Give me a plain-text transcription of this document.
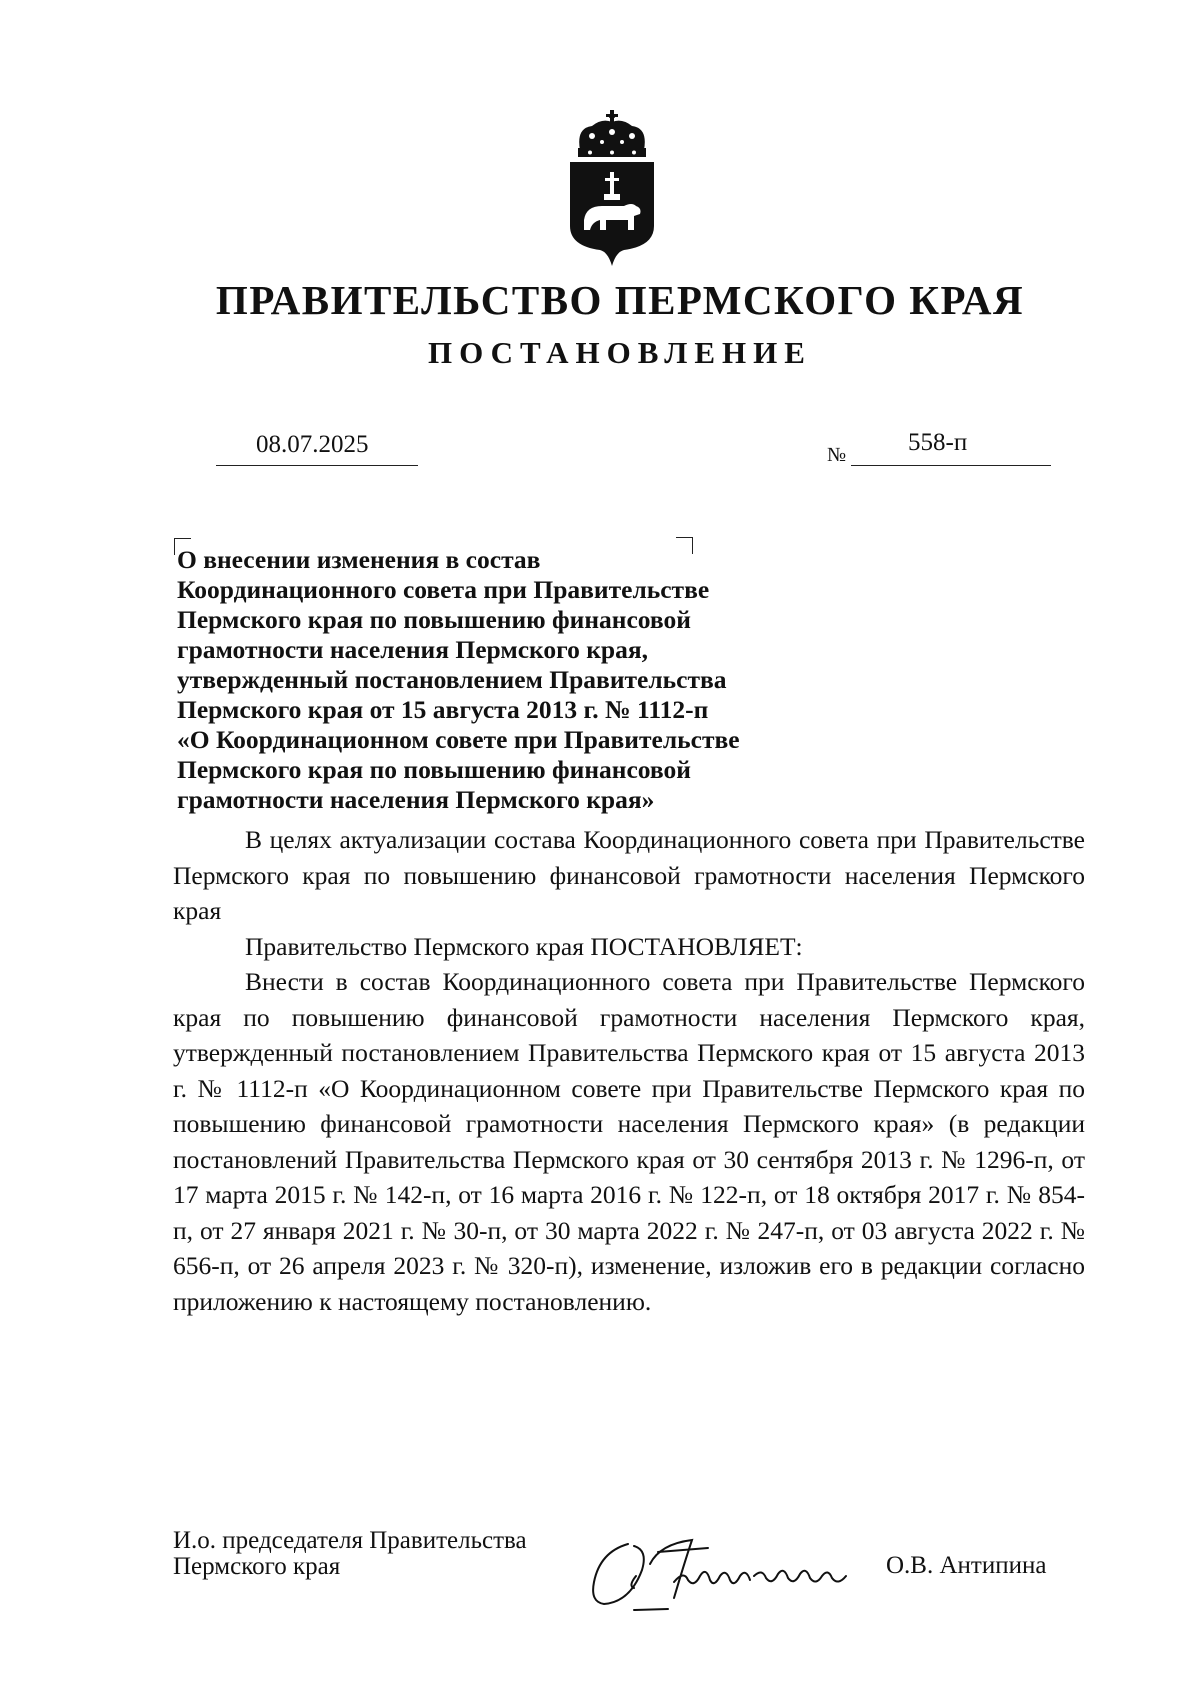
ПРАВИТЕЛЬСТВО ПЕРМСКОГО КРАЯ
ПОСТАНОВЛЕНИЕ
08.07.2025	№ 558-п
О внесении изменения в состав
Координационного совета при Правительстве
Пермского края по повышению финансовой
грамотности населения Пермского края,
утвержденный постановлением Правительства
Пермского края от 15 августа 2013 г. № 1112-п
«О Координационном совете при Правительстве
Пермского края по повышению финансовой
грамотности населения Пермского края»

В целях актуализации состава Координационного совета при Правительстве Пермского края по повышению финансовой грамотности населения Пермского края

Правительство Пермского края ПОСТАНОВЛЯЕТ:

Внести в состав Координационного совета при Правительстве Пермского края по повышению финансовой грамотности населения Пермского края, утвержденный постановлением Правительства Пермского края от 15 августа 2013 г. № 1112-п «О Координационном совете при Правительстве Пермского края по повышению финансовой грамотности населения Пермского края» (в редакции постановлений Правительства Пермского края от 30 сентября 2013 г. № 1296-п, от 17 марта 2015 г. № 142-п, от 16 марта 2016 г. № 122-п, от 18 октября 2017 г. № 854-п, от 27 января 2021 г. № 30-п, от 30 марта 2022 г. № 247-п, от 03 августа 2022 г. № 656-п, от 26 апреля 2023 г. № 320-п), изменение, изложив его в редакции согласно приложению к настоящему постановлению.

И.о. председателя Правительства
Пермского края	О.В. Антипина
